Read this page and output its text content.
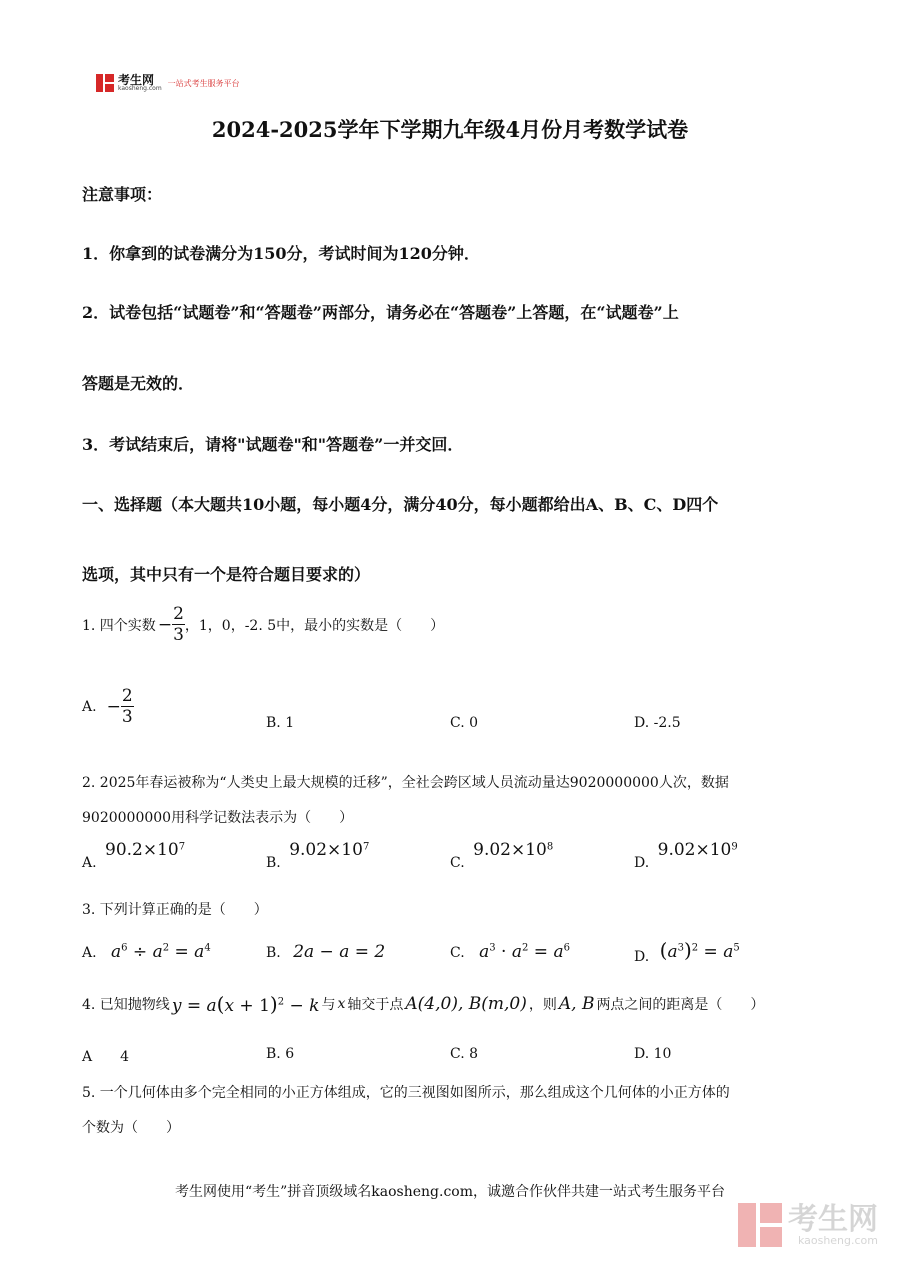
考生网
kaosheng.com
一站式考生服务平台
2024-2025学年下学期九年级4月份月考数学试卷
注意事项：
1．你拿到的试卷满分为150分，考试时间为120分钟．
2．试卷包括“试题卷”和“答题卷”两部分，请务必在“答题卷”上答题，在“试题卷”上
答题是无效的．
3．考试结束后，请将"试题卷"和"答题卷”一并交回．
一、选择题（本大题共10小题，每小题4分，满分40分，每小题都给出A、B、C、D四个
选项，其中只有一个是符合题目要求的）
1. 四个实数 − $\frac{2}{3}$ ，1，0，-2. 5中，最小的实数是（　　）
A. − $\frac{2}{3}$	B. 1	C. 0	D. -2.5
2. 2025年春运被称为“人类史上最大规模的迁移”，全社会跨区域人员流动量达9020000000人次，数据
9020000000用科学记数法表示为（　　）
A. $90.2\times 10^7$
B. $9.02\times 10^7$
C. $9.02\times 10^8$
D. $9.02\times 10^9$
3. 下列计算正确的是（　　）
A. $a^6 \div a^2 = a^4$	B. 2a − a = 2	C. $a^3 \cdot a^2 = a^6$
D. $(a^3)^2 = a^5$
4. 已知抛物线 $y = a(x + 1)^2 - k$ 与 x 轴交于点 A(4,0), B(m,0) ，则 A, B 两点之间的距离是（　　）
A　　4	B. 6	C. 8	D. 10
5. 一个几何体由多个完全相同的小正方体组成，它的三视图如图所示，那么组成这个几何体的小正方体的
个数为（　　）
考生网使用“考生”拼音顶级域名kaosheng.com，诚邀合作伙伴共建一站式考生服务平台
考生网
kaosheng.com
